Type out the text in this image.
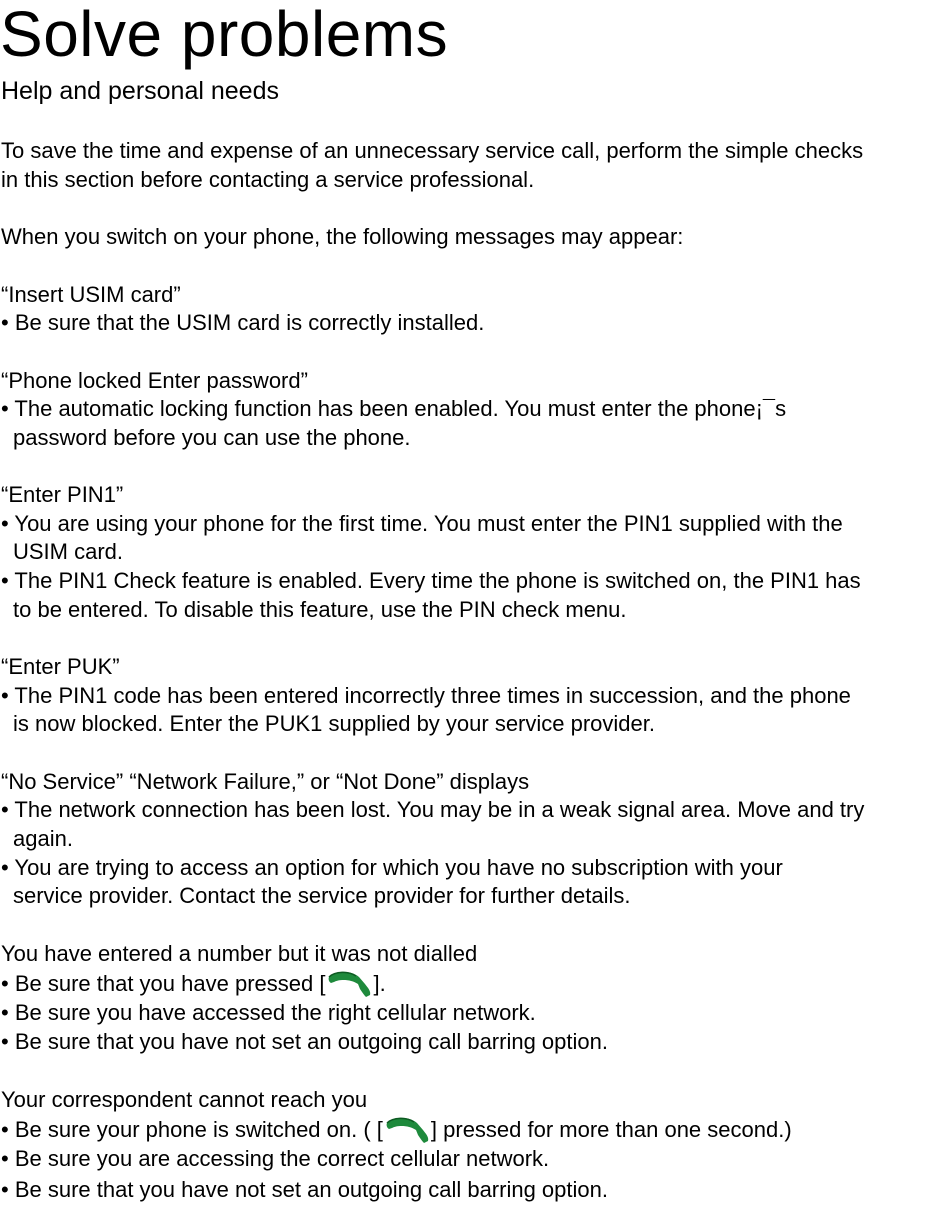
Solve problems

Help and personal needs

To save the time and expense of an unnecessary service call, perform the simple checks

in this section before contacting a service professional.

When you switch on your phone, the following messages may appear:

“Insert USIM card”

• Be sure that the USIM card is correctly installed.

“Phone locked Enter password”

• The automatic locking function has been enabled. You must enter the phone¡¯s

password before you can use the phone.

“Enter PIN1”

• You are using your phone for the first time. You must enter the PIN1 supplied with the

USIM card.

• The PIN1 Check feature is enabled. Every time the phone is switched on, the PIN1 has

to be entered. To disable this feature, use the PIN check menu.

“Enter PUK”

• The PIN1 code has been entered incorrectly three times in succession, and the phone

is now blocked. Enter the PUK1 supplied by your service provider.

“No Service” “Network Failure,” or “Not Done” displays

• The network connection has been lost. You may be in a weak signal area. Move and try

again.

• You are trying to access an option for which you have no subscription with your

service provider. Contact the service provider for further details.

You have entered a number but it was not dialled

• Be sure that you have pressed [ ].

• Be sure you have accessed the right cellular network.

• Be sure that you have not set an outgoing call barring option.

Your correspondent cannot reach you

• Be sure your phone is switched on. ( [ ] pressed for more than one second.)

• Be sure you are accessing the correct cellular network.

• Be sure that you have not set an outgoing call barring option.
